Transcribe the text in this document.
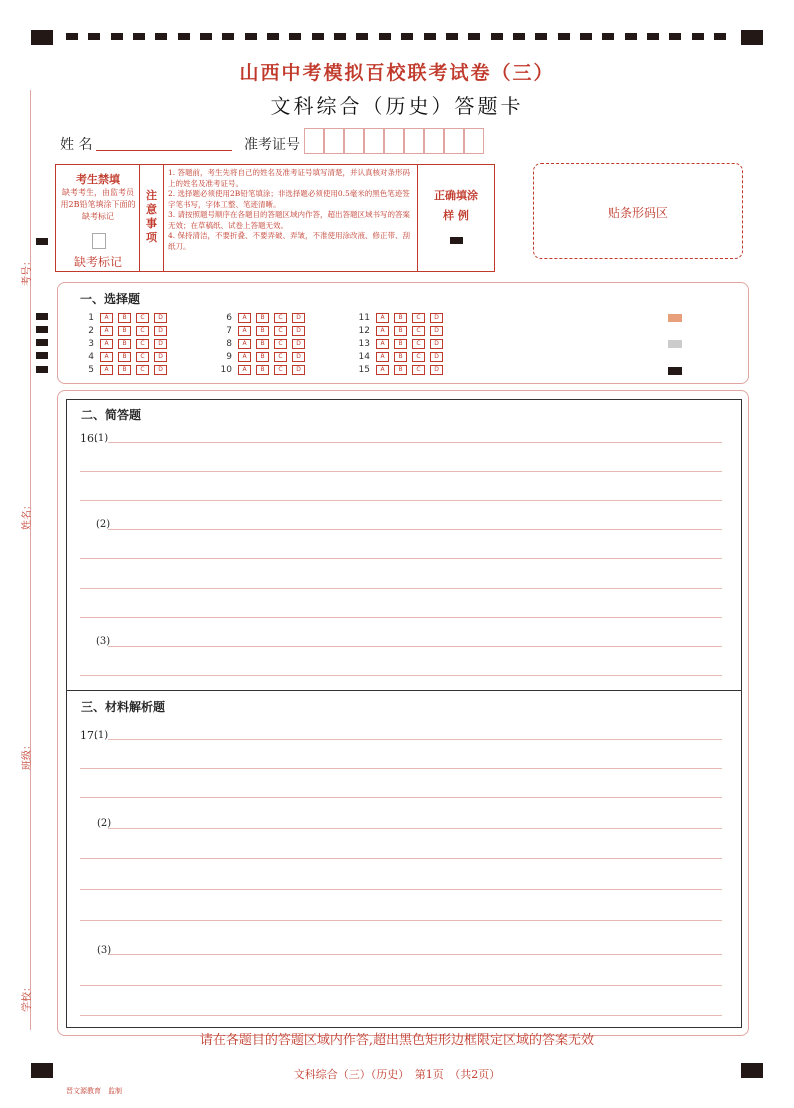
山西中考模拟百校联考试卷（三）
文科综合（历史）答题卡
姓 名	准考证号
考生禁填
缺考考生，由监考员用2B铅笔填涂下面的缺考标记
缺考标记
注意事项
1. 答题前，考生先将自己的姓名及准考证号填写清楚，并认真核对条形码上的姓名及准考证号。
2. 选择题必须使用2B铅笔填涂；非选择题必须使用0.5毫米的黑色笔迹签字笔书写，字体工整、笔迹清晰。
3. 请按照题号顺序在各题目的答题区域内作答，超出答题区域书写的答案无效；在草稿纸、试卷上答题无效。
4. 保持清洁，不要折叠、不要弄破、弄皱，不准使用涂改液、修正带、刮纸刀。
正确填涂
样 例	贴条形码区
考号：
姓名：
班级：
学校：
一、选择题
1	A	B	C	D
2	A	B	C	D
3	A	B	C	D
4	A	B	C	D
5	A	B	C	D
6	A	B	C	D
7	A	B	C	D
8	A	B	C	D
9	A	B	C	D
10	A	B	C	D
11	A	B	C	D
12	A	B	C	D
13	A	B	C	D
14	A	B	C	D
15	A	B	C	D
二、简答题
三、材料解析题
16.
(1)
(2)
(3)
17.
(1)
(2)
(3)
请在各题目的答题区域内作答,超出黑色矩形边框限定区域的答案无效
文科综合（三）（历史）　第1页　（共2页）
晋文源教育　监制
